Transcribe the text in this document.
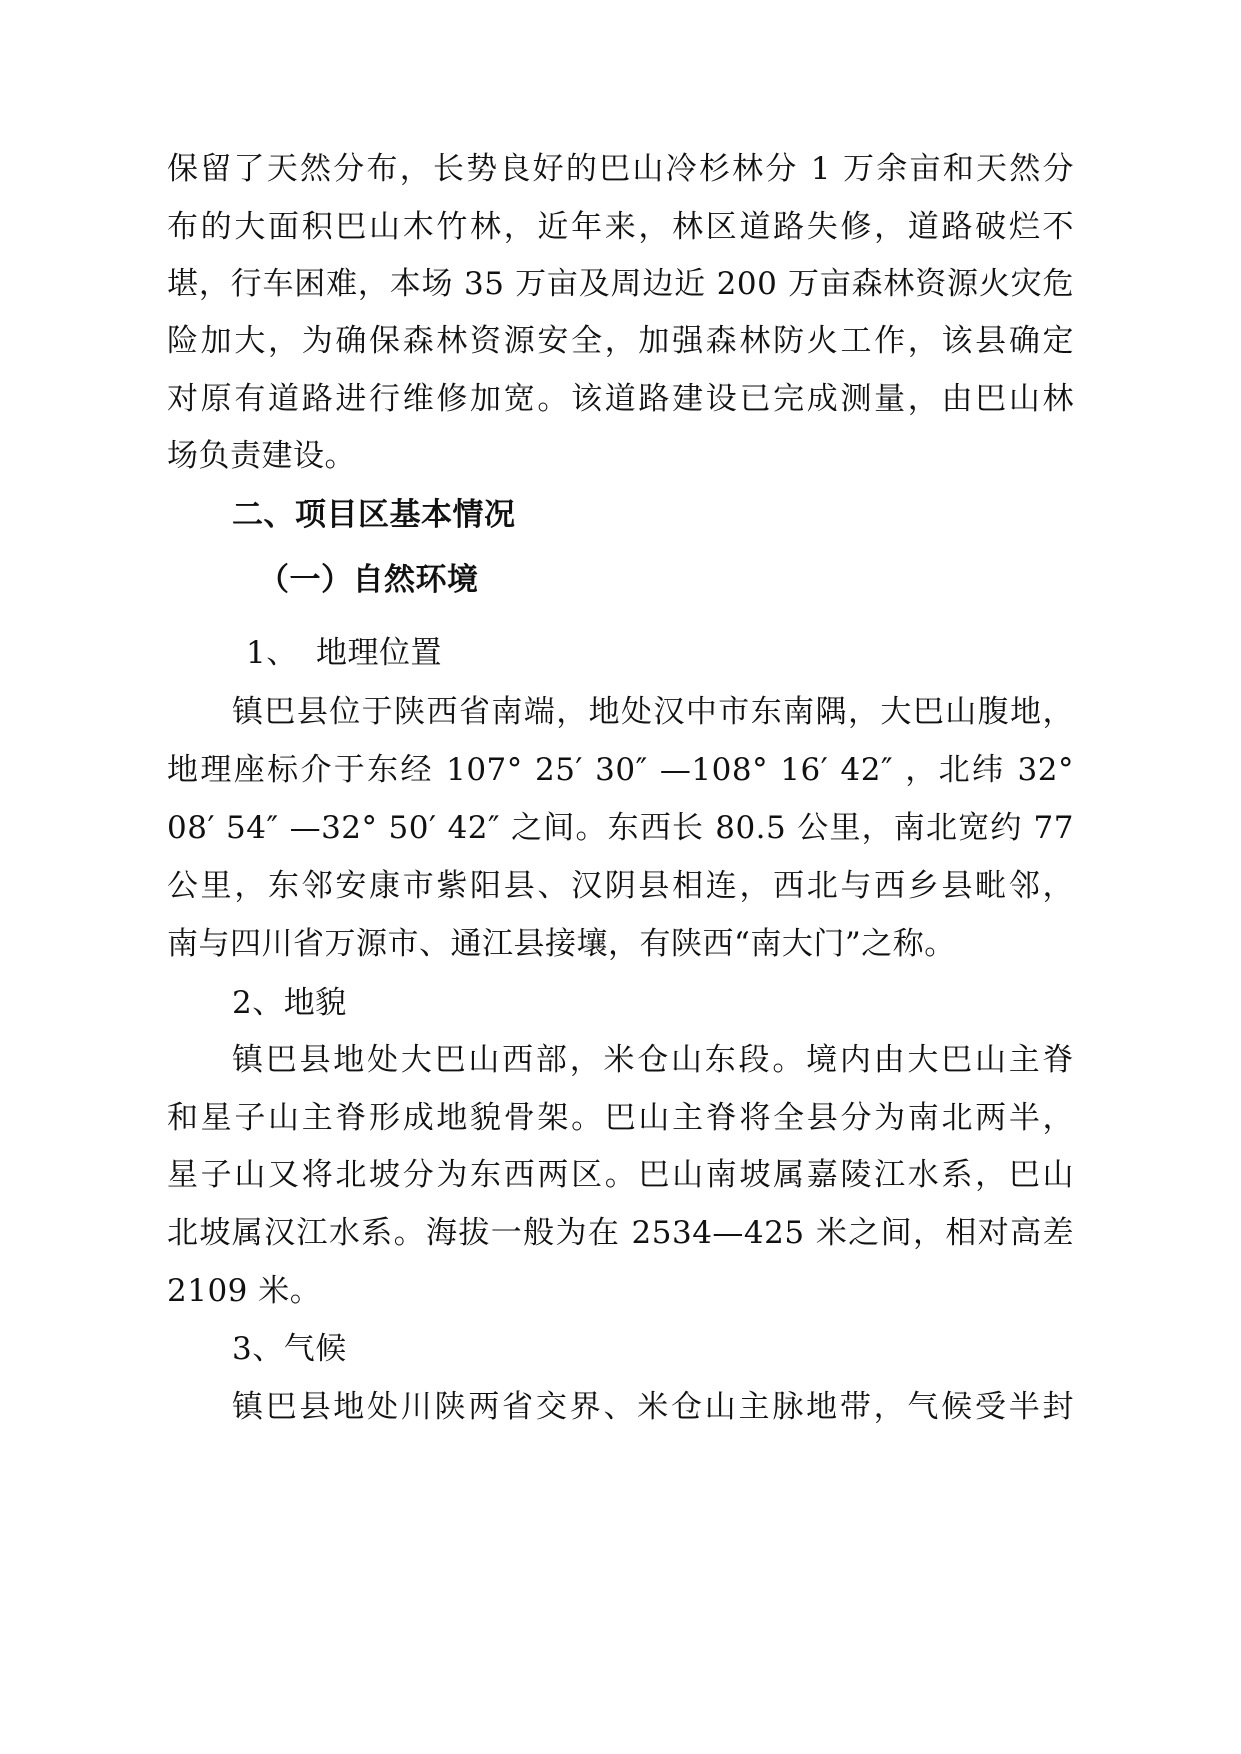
保留了天然分布，长势良好的巴山冷杉林分 1 万余亩和天然分
布的大面积巴山木竹林，近年来，林区道路失修，道路破烂不
堪，行车困难，本场 35 万亩及周边近 200 万亩森林资源火灾危
险加大，为确保森林资源安全，加强森林防火工作，该县确定
对原有道路进行维修加宽。该道路建设已完成测量，由巴山林
场负责建设。
二、项目区基本情况
（一）自然环境
1、 地理位置
镇巴县位于陕西省南端，地处汉中市东南隅，大巴山腹地，
地理座标介于东经 107° 25′ 30″ —108° 16′ 42″ ，北纬 32°
08′ 54″ —32° 50′ 42″ 之间。东西长 80.5 公里，南北宽约 77
公里，东邻安康市紫阳县、汉阴县相连，西北与西乡县毗邻，
南与四川省万源市、通江县接壤，有陕西“南大门”之称。
2、地貌
镇巴县地处大巴山西部，米仓山东段。境内由大巴山主脊
和星子山主脊形成地貌骨架。巴山主脊将全县分为南北两半，
星子山又将北坡分为东西两区。巴山南坡属嘉陵江水系，巴山
北坡属汉江水系。海拔一般为在 2534—425 米之间，相对高差
2109 米。
3、气候
镇巴县地处川陕两省交界、米仓山主脉地带，气候受半封
